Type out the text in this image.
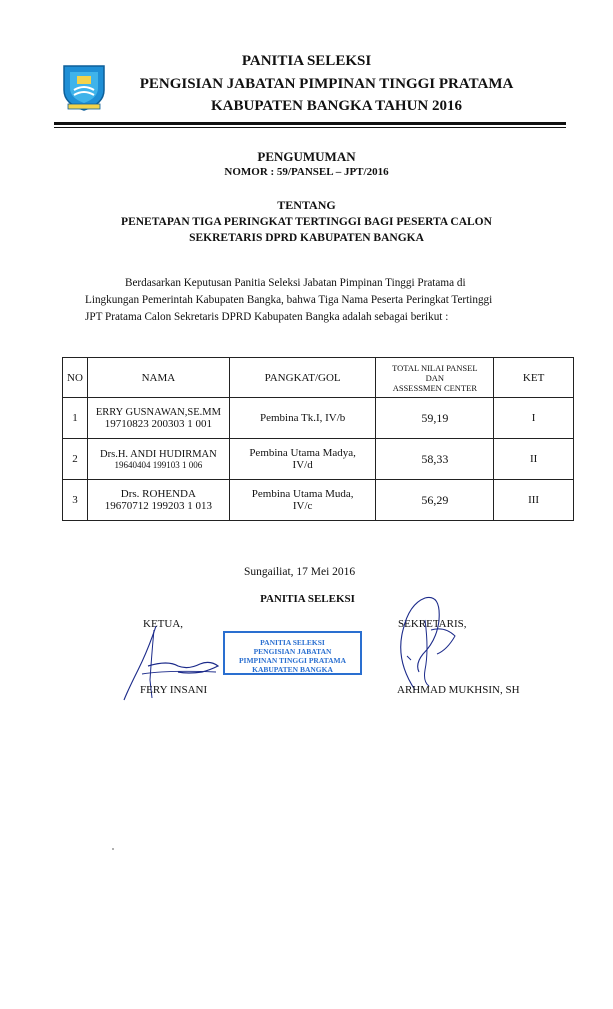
PANITIA SELEKSI
PENGISIAN JABATAN PIMPINAN TINGGI PRATAMA
KABUPATEN BANGKA TAHUN 2016
PENGUMUMAN
NOMOR : 59/PANSEL – JPT/2016
TENTANG
PENETAPAN TIGA PERINGKAT TERTINGGI BAGI PESERTA CALON
SEKRETARIS DPRD KABUPATEN BANGKA
Berdasarkan Keputusan Panitia Seleksi Jabatan Pimpinan Tinggi Pratama di
Lingkungan Pemerintah Kabupaten Bangka, bahwa Tiga Nama Peserta Peringkat Tertinggi
JPT Pratama Calon Sekretaris DPRD Kabupaten Bangka adalah sebagai berikut :
NO	NAMA	PANGKAT/GOL	TOTAL NILAI PANSEL
DAN
ASSESSMEN CENTER	KET
1	ERRY GUSNAWAN,SE.MM
19710823 200303 1 001	Pembina Tk.I, IV/b	59,19	I
2	Drs.H. ANDI HUDIRMAN
19640404 199103 1 006	Pembina Utama Madya,
IV/d	58,33	II
3	Drs. ROHENDA
19670712 199203 1 013	Pembina Utama Muda,
IV/c	56,29	III
Sungailiat, 17 Mei 2016
PANITIA SELEKSI
KETUA,	SEKRETARIS,
PANITIA SELEKSI
PENGISIAN JABATAN
PIMPINAN TINGGI PRATAMA
KABUPATEN BANGKA
FERY INSANI	ARHMAD MUKHSIN, SH
